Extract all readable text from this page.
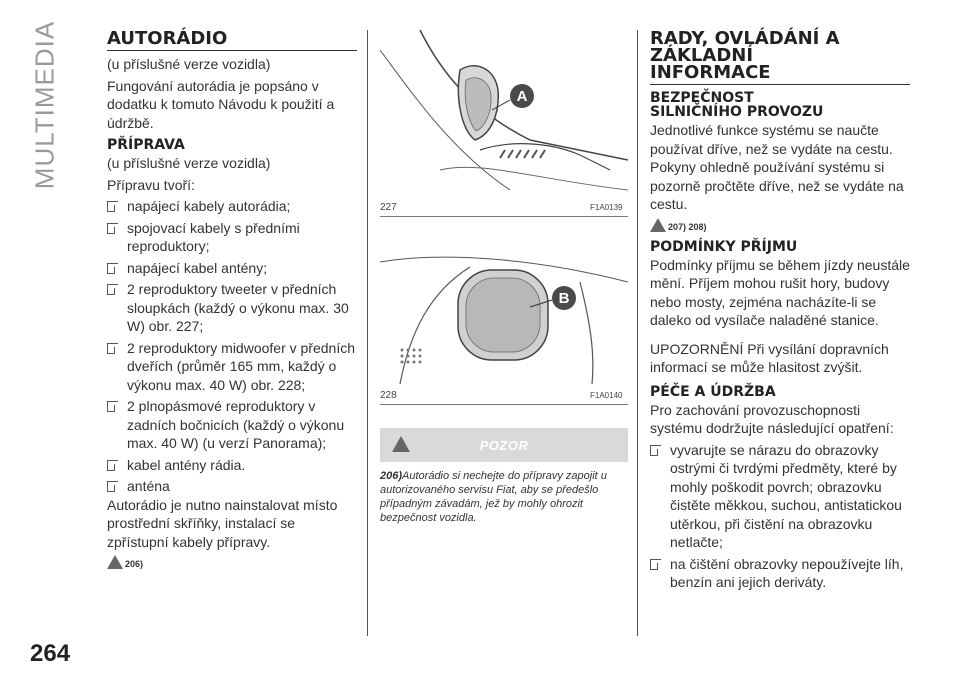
MULTIMEDIA
264
AUTORÁDIO

(u příslušné verze vozidla)

Fungování autorádia je popsáno v dodatku k tomuto Návodu k použití a údržbě.

PŘÍPRAVA

(u příslušné verze vozidla)

Přípravu tvoří:

napájecí kabely autorádia;
spojovací kabely s předními reproduktory;
napájecí kabel antény;
2 reproduktory tweeter v předních sloupkách (každý o výkonu max. 30 W) obr. 227;
2 reproduktory midwoofer v předních dveřích (průměr 165 mm, každý o výkonu max. 40 W) obr. 228;
2 plnopásmové reproduktory v zadních bočnicích (každý o výkonu max. 40 W) (u verzí Panorama);
kabel antény rádia.
anténa

Autorádio je nutno nainstalovat místo prostřední skříňky, instalací se zpřístupní kabely přípravy.

206)
A
227	F1A0139
B
228	F1A0140
POZOR
206)Autorádio si nechejte do přípravy zapojit u autorizovaného servisu Fiat, aby se předešlo případným závadám, jež by mohly ohrozit bezpečnost vozidla.
RADY, OVLÁDÁNÍ A
ZÁKLADNÍ
INFORMACE
BEZPEČNOST
SILNIČNÍHO PROVOZU

Jednotlivé funkce systému se naučte používat dříve, než se vydáte na cestu. Pokyny ohledně používání systému si pozorně pročtěte dříve, než se vydáte na cestu.

207) 208)
PODMÍNKY PŘÍJMU

Podmínky příjmu se během jízdy neustále mění. Příjem mohou rušit hory, budovy nebo mosty, zejména nacházíte-li se daleko od vysílače naladěné stanice.

UPOZORNĚNÍ Při vysílání dopravních informací se může hlasitost zvýšit.

PÉČE A ÚDRŽBA

Pro zachování provozuschopnosti systému dodržujte následující opatření:

vyvarujte se nárazu do obrazovky ostrými či tvrdými předměty, které by mohly poškodit povrch; obrazovku čistěte měkkou, suchou, antistatickou utěrkou, při čistění na obrazovku netlačte;
na čištění obrazovky nepoužívejte líh, benzín ani jejich deriváty.
